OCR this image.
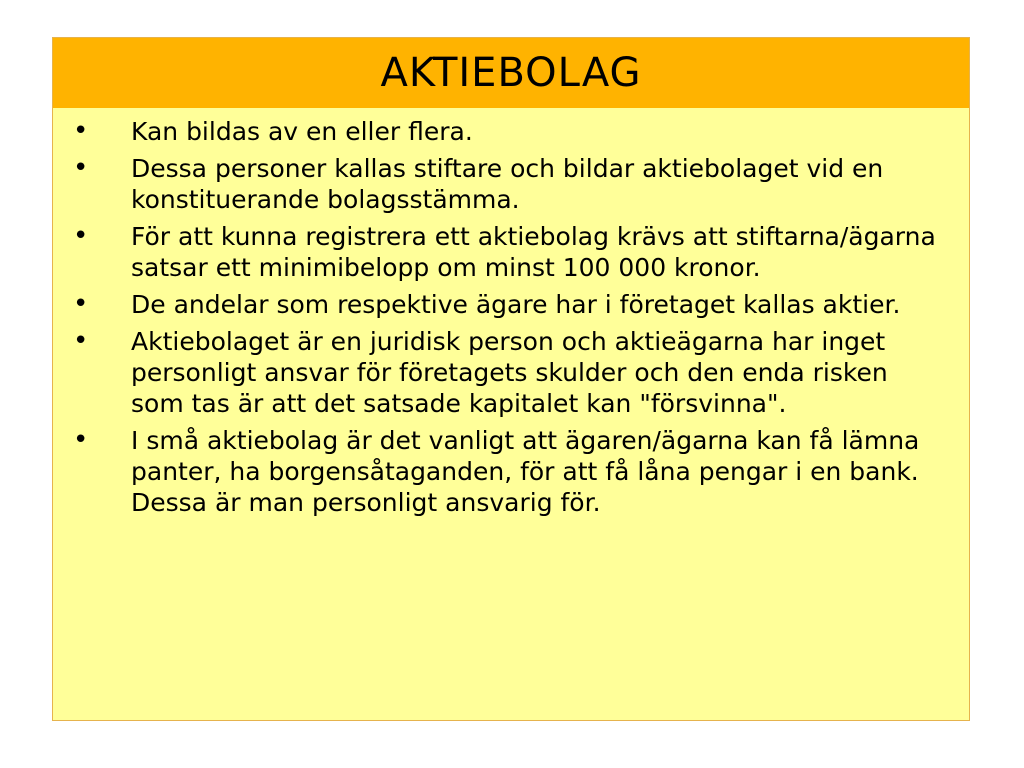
AKTIEBOLAG
•	Kan bildas av en eller flera.
•	Dessa personer kallas stiftare och bildar aktiebolaget vid en konstituerande bolagsstämma.
•	För att kunna registrera ett aktiebolag krävs att stiftarna/ägarna satsar ett minimibelopp om minst 100 000 kronor.
•	De andelar som respektive ägare har i företaget kallas aktier.
•	Aktiebolaget är en juridisk person och aktieägarna har inget personligt ansvar för företagets skulder och den enda risken som tas är att det satsade kapitalet kan "försvinna".
•	I små aktiebolag är det vanligt att ägaren/ägarna kan få lämna panter, ha borgensåtaganden, för att få låna pengar i en bank. Dessa är man personligt ansvarig för.
